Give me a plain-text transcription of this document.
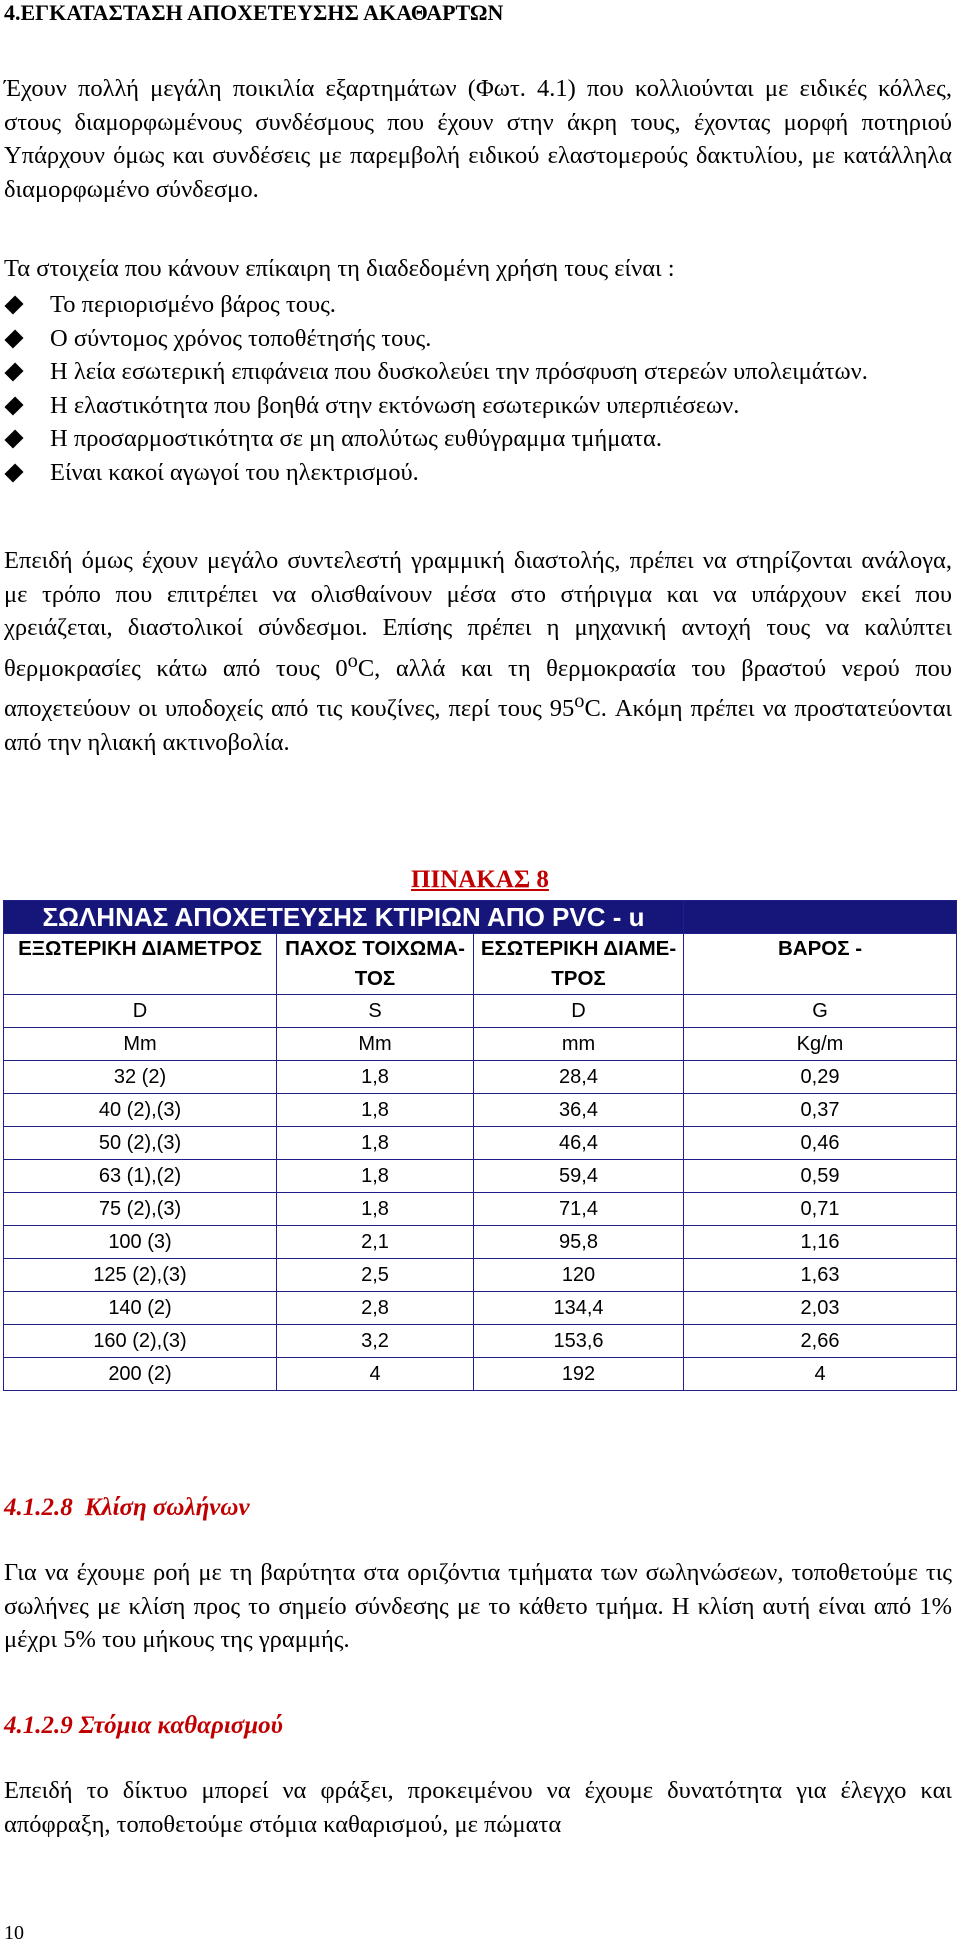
4.ΕΓΚΑΤΑΣΤΑΣΗ ΑΠΟΧΕΤΕΥΣΗΣ ΑΚΑΘΑΡΤΩΝ
Έχουν πολλή μεγάλη ποικιλία εξαρτημάτων (Φωτ. 4.1) που κολλιούνται με ειδικές κόλλες, στους διαμορφωμένους συνδέσμους που έχουν στην άκρη τους, έχοντας μορφή ποτηριού Υπάρχουν όμως και συνδέσεις με παρεμβολή ειδικού ελαστομερούς δακτυλίου, με κατάλληλα διαμορφωμένο σύνδεσμο.
Τα στοιχεία που κάνουν επίκαιρη τη διαδεδομένη χρήση τους είναι :
Το περιορισμένο βάρος τους.
Ο σύντομος χρόνος τοποθέτησής τους.
Η λεία εσωτερική επιφάνεια που δυσκολεύει την πρόσφυση στερεών υπολειμάτων.
Η ελαστικότητα που βοηθά στην εκτόνωση εσωτερικών υπερπιέσεων.
Η προσαρμοστικότητα σε μη απολύτως ευθύγραμμα τμήματα.
Είναι κακοί αγωγοί του ηλεκτρισμού.
Επειδή όμως έχουν μεγάλο συντελεστή γραμμική διαστολής, πρέπει να στηρίζονται ανάλογα, με τρόπο που επιτρέπει να ολισθαίνουν μέσα στο στήριγμα και να υπάρχουν εκεί που χρειάζεται, διαστολικοί σύνδεσμοι. Επίσης πρέπει η μηχανική αντοχή τους να καλύπτει θερμοκρασίες κάτω από τους $0^oC$, αλλά και τη θερμοκρασία του βραστού νερού που αποχετεύουν οι υποδοχείς από τις κουζίνες, περί τους $95^oC$. Ακόμη πρέπει να προστατεύονται από την ηλιακή ακτινοβολία.
ΠΙΝΑΚΑΣ 8
ΣΩΛΗΝΑΣ ΑΠΟΧΕΤΕΥΣΗΣ ΚΤΙΡΙΩΝ ΑΠΟ PVC - u			
ΕΞΩΤΕΡΙΚΗ ΔΙΑΜΕΤΡΟΣ	ΠΑΧΟΣ ΤΟΙΧΩΜΑ-ΤΟΣ	ΕΣΩΤΕΡΙΚΗ ΔΙΑΜΕ-ΤΡΟΣ	ΒΑΡΟΣ -
D	S	D	G
Mm	Mm	mm	Kg/m
32 (2)	1,8	28,4	0,29
40 (2),(3)	1,8	36,4	0,37
50 (2),(3)	1,8	46,4	0,46
63 (1),(2)	1,8	59,4	0,59
75 (2),(3)	1,8	71,4	0,71
100 (3)	2,1	95,8	1,16
125 (2),(3)	2,5	120	1,63
140 (2)	2,8	134,4	2,03
160 (2),(3)	3,2	153,6	2,66
200 (2)	4	192	4
4.1.2.8 Κλίση σωλήνων
Για να έχουμε ροή με τη βαρύτητα στα οριζόντια τμήματα των σωληνώσεων, τοποθετούμε τις σωλήνες με κλίση προς το σημείο σύνδεσης με το κάθετο τμήμα. Η κλίση αυτή είναι από 1% μέχρι 5% του μήκους της γραμμής.
4.1.2.9 Στόμια καθαρισμού
Επειδή το δίκτυο μπορεί να φράξει, προκειμένου να έχουμε δυνατότητα για έλεγχο και απόφραξη, τοποθετούμε στόμια καθαρισμού, με πώματα
10
